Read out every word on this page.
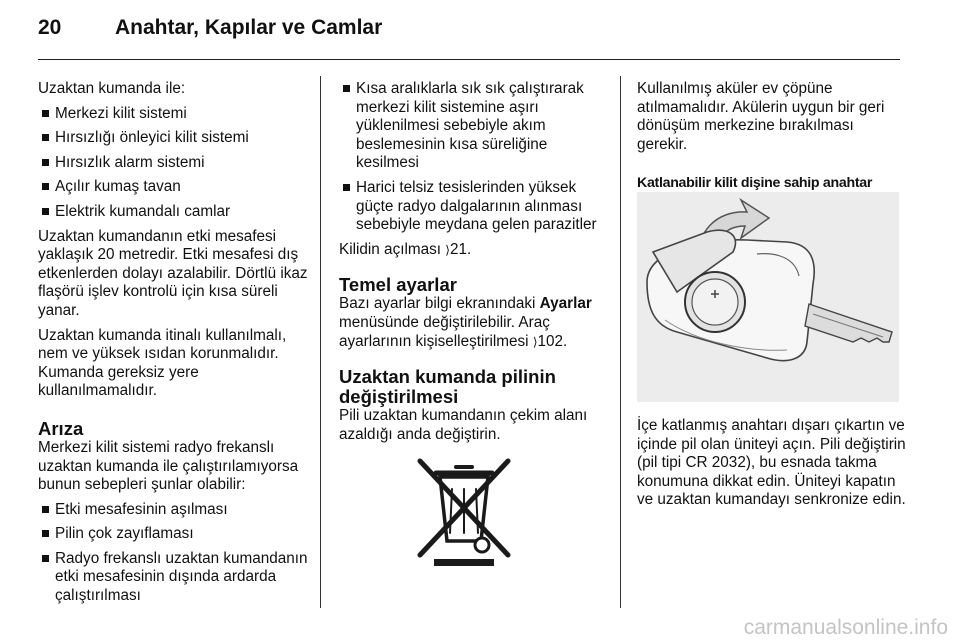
20	Anahtar, Kapılar ve Camlar

Uzaktan kumanda ile:

Merkezi kilit sistemi
Hırsızlığı önleyici kilit sistemi
Hırsızlık alarm sistemi
Açılır kumaş tavan
Elektrik kumandalı camlar

Uzaktan kumandanın etki mesafesi yaklaşık 20 metredir. Etki mesafesi dış etkenlerden dolayı azalabilir. Dörtlü ikaz flaşörü işlev kontrolü için kısa süreli yanar.

Uzaktan kumanda itinalı kullanılmalı, nem ve yüksek ısıdan korunmalıdır. Kumanda gereksiz yere kullanılmamalıdır.

Arıza

Merkezi kilit sistemi radyo frekanslı uzaktan kumanda ile çalıştırılamıyorsa bunun sebepleri şunlar olabilir:

Etki mesafesinin aşılması
Pilin çok zayıflaması
Radyo frekanslı uzaktan kumandanın etki mesafesinin dışında ardarda çalıştırılması
Kısa aralıklarla sık sık çalıştırarak merkezi kilit sistemine aşırı yüklenilmesi sebebiyle akım beslemesinin kısa süreliğine kesilmesi
Harici telsiz tesislerinden yüksek güçte radyo dalgalarının alınması sebebiyle meydana gelen parazitler

Kilidin açılması ⟩ 21.

Temel ayarlar

Bazı ayarlar bilgi ekranındaki Ayarlar menüsünde değiştirilebilir. Araç ayarlarının kişiselleştirilmesi ⟩ 102.

Uzaktan kumanda pilinin
değiştirilmesi

Pili uzaktan kumandanın çekim alanı azaldığı anda değiştirin.

Kullanılmış aküler ev çöpüne atılmamalıdır. Akülerin uygun bir geri dönüşüm merkezine bırakılması gerekir.

Katlanabilir kilit dişine sahip anahtar

İçe katlanmış anahtarı dışarı çıkartın ve içinde pil olan üniteyi açın. Pili değiştirin (pil tipi CR 2032), bu esnada takma konumuna dikkat edin. Üniteyi kapatın ve uzaktan kumandayı senkronize edin.

carmanualsonline.info
